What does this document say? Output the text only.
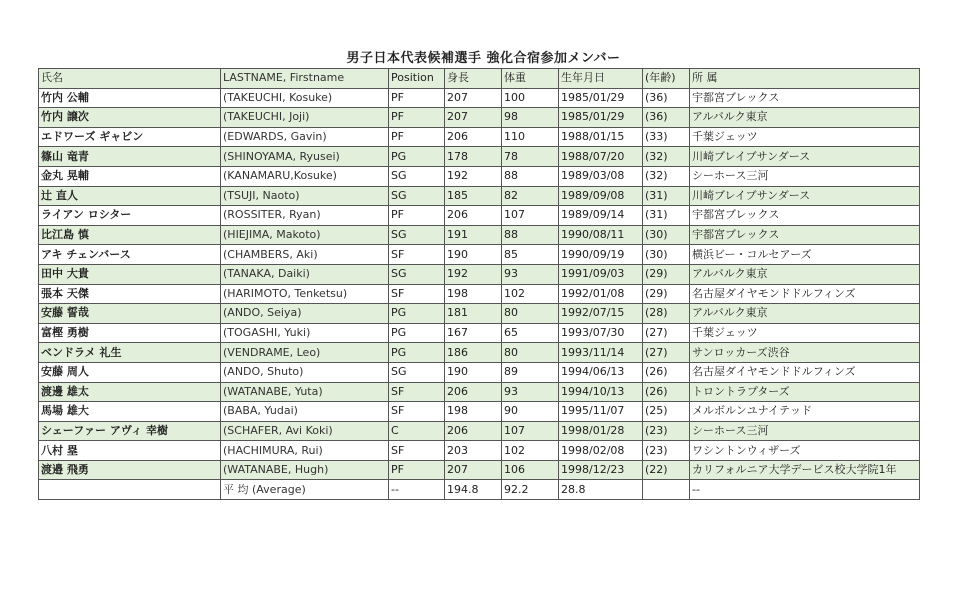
男子日本代表候補選手 強化合宿参加メンバー
氏名	LASTNAME, Firstname	Position	身長	体重	生年月日	(年齢)	所 属
竹内 公輔	(TAKEUCHI, Kosuke)	PF	207	100	1985/01/29	(36)	宇都宮ブレックス
竹内 譲次	(TAKEUCHI, Joji)	PF	207	98	1985/01/29	(36)	アルバルク東京
エドワーズ ギャビン	(EDWARDS, Gavin)	PF	206	110	1988/01/15	(33)	千葉ジェッツ
篠山 竜青	(SHINOYAMA, Ryusei)	PG	178	78	1988/07/20	(32)	川崎ブレイブサンダース
金丸 晃輔	(KANAMARU,Kosuke)	SG	192	88	1989/03/08	(32)	シーホース三河
辻 直人	(TSUJI, Naoto)	SG	185	82	1989/09/08	(31)	川崎ブレイブサンダース
ライアン ロシター	(ROSSITER, Ryan)	PF	206	107	1989/09/14	(31)	宇都宮ブレックス
比江島 慎	(HIEJIMA, Makoto)	SG	191	88	1990/08/11	(30)	宇都宮ブレックス
アキ チェンバース	(CHAMBERS, Aki)	SF	190	85	1990/09/19	(30)	横浜ビー・コルセアーズ
田中 大貴	(TANAKA, Daiki)	SG	192	93	1991/09/03	(29)	アルバルク東京
張本 天傑	(HARIMOTO, Tenketsu)	SF	198	102	1992/01/08	(29)	名古屋ダイヤモンドドルフィンズ
安藤 誓哉	(ANDO, Seiya)	PG	181	80	1992/07/15	(28)	アルバルク東京
富樫 勇樹	(TOGASHI, Yuki)	PG	167	65	1993/07/30	(27)	千葉ジェッツ
ベンドラメ 礼生	(VENDRAME, Leo)	PG	186	80	1993/11/14	(27)	サンロッカーズ渋谷
安藤 周人	(ANDO, Shuto)	SG	190	89	1994/06/13	(26)	名古屋ダイヤモンドドルフィンズ
渡邊 雄太	(WATANABE, Yuta)	SF	206	93	1994/10/13	(26)	トロントラプターズ
馬場 雄大	(BABA, Yudai)	SF	198	90	1995/11/07	(25)	メルボルンユナイテッド
シェーファー アヴィ 幸樹	(SCHAFER, Avi Koki)	C	206	107	1998/01/28	(23)	シーホース三河
八村 塁	(HACHIMURA, Rui)	SF	203	102	1998/02/08	(23)	ワシントンウィザーズ
渡邉 飛勇	(WATANABE, Hugh)	PF	207	106	1998/12/23	(22)	カリフォルニア大学デービス校大学院1年
	平 均 (Average)	--	194.8	92.2	28.8		--
